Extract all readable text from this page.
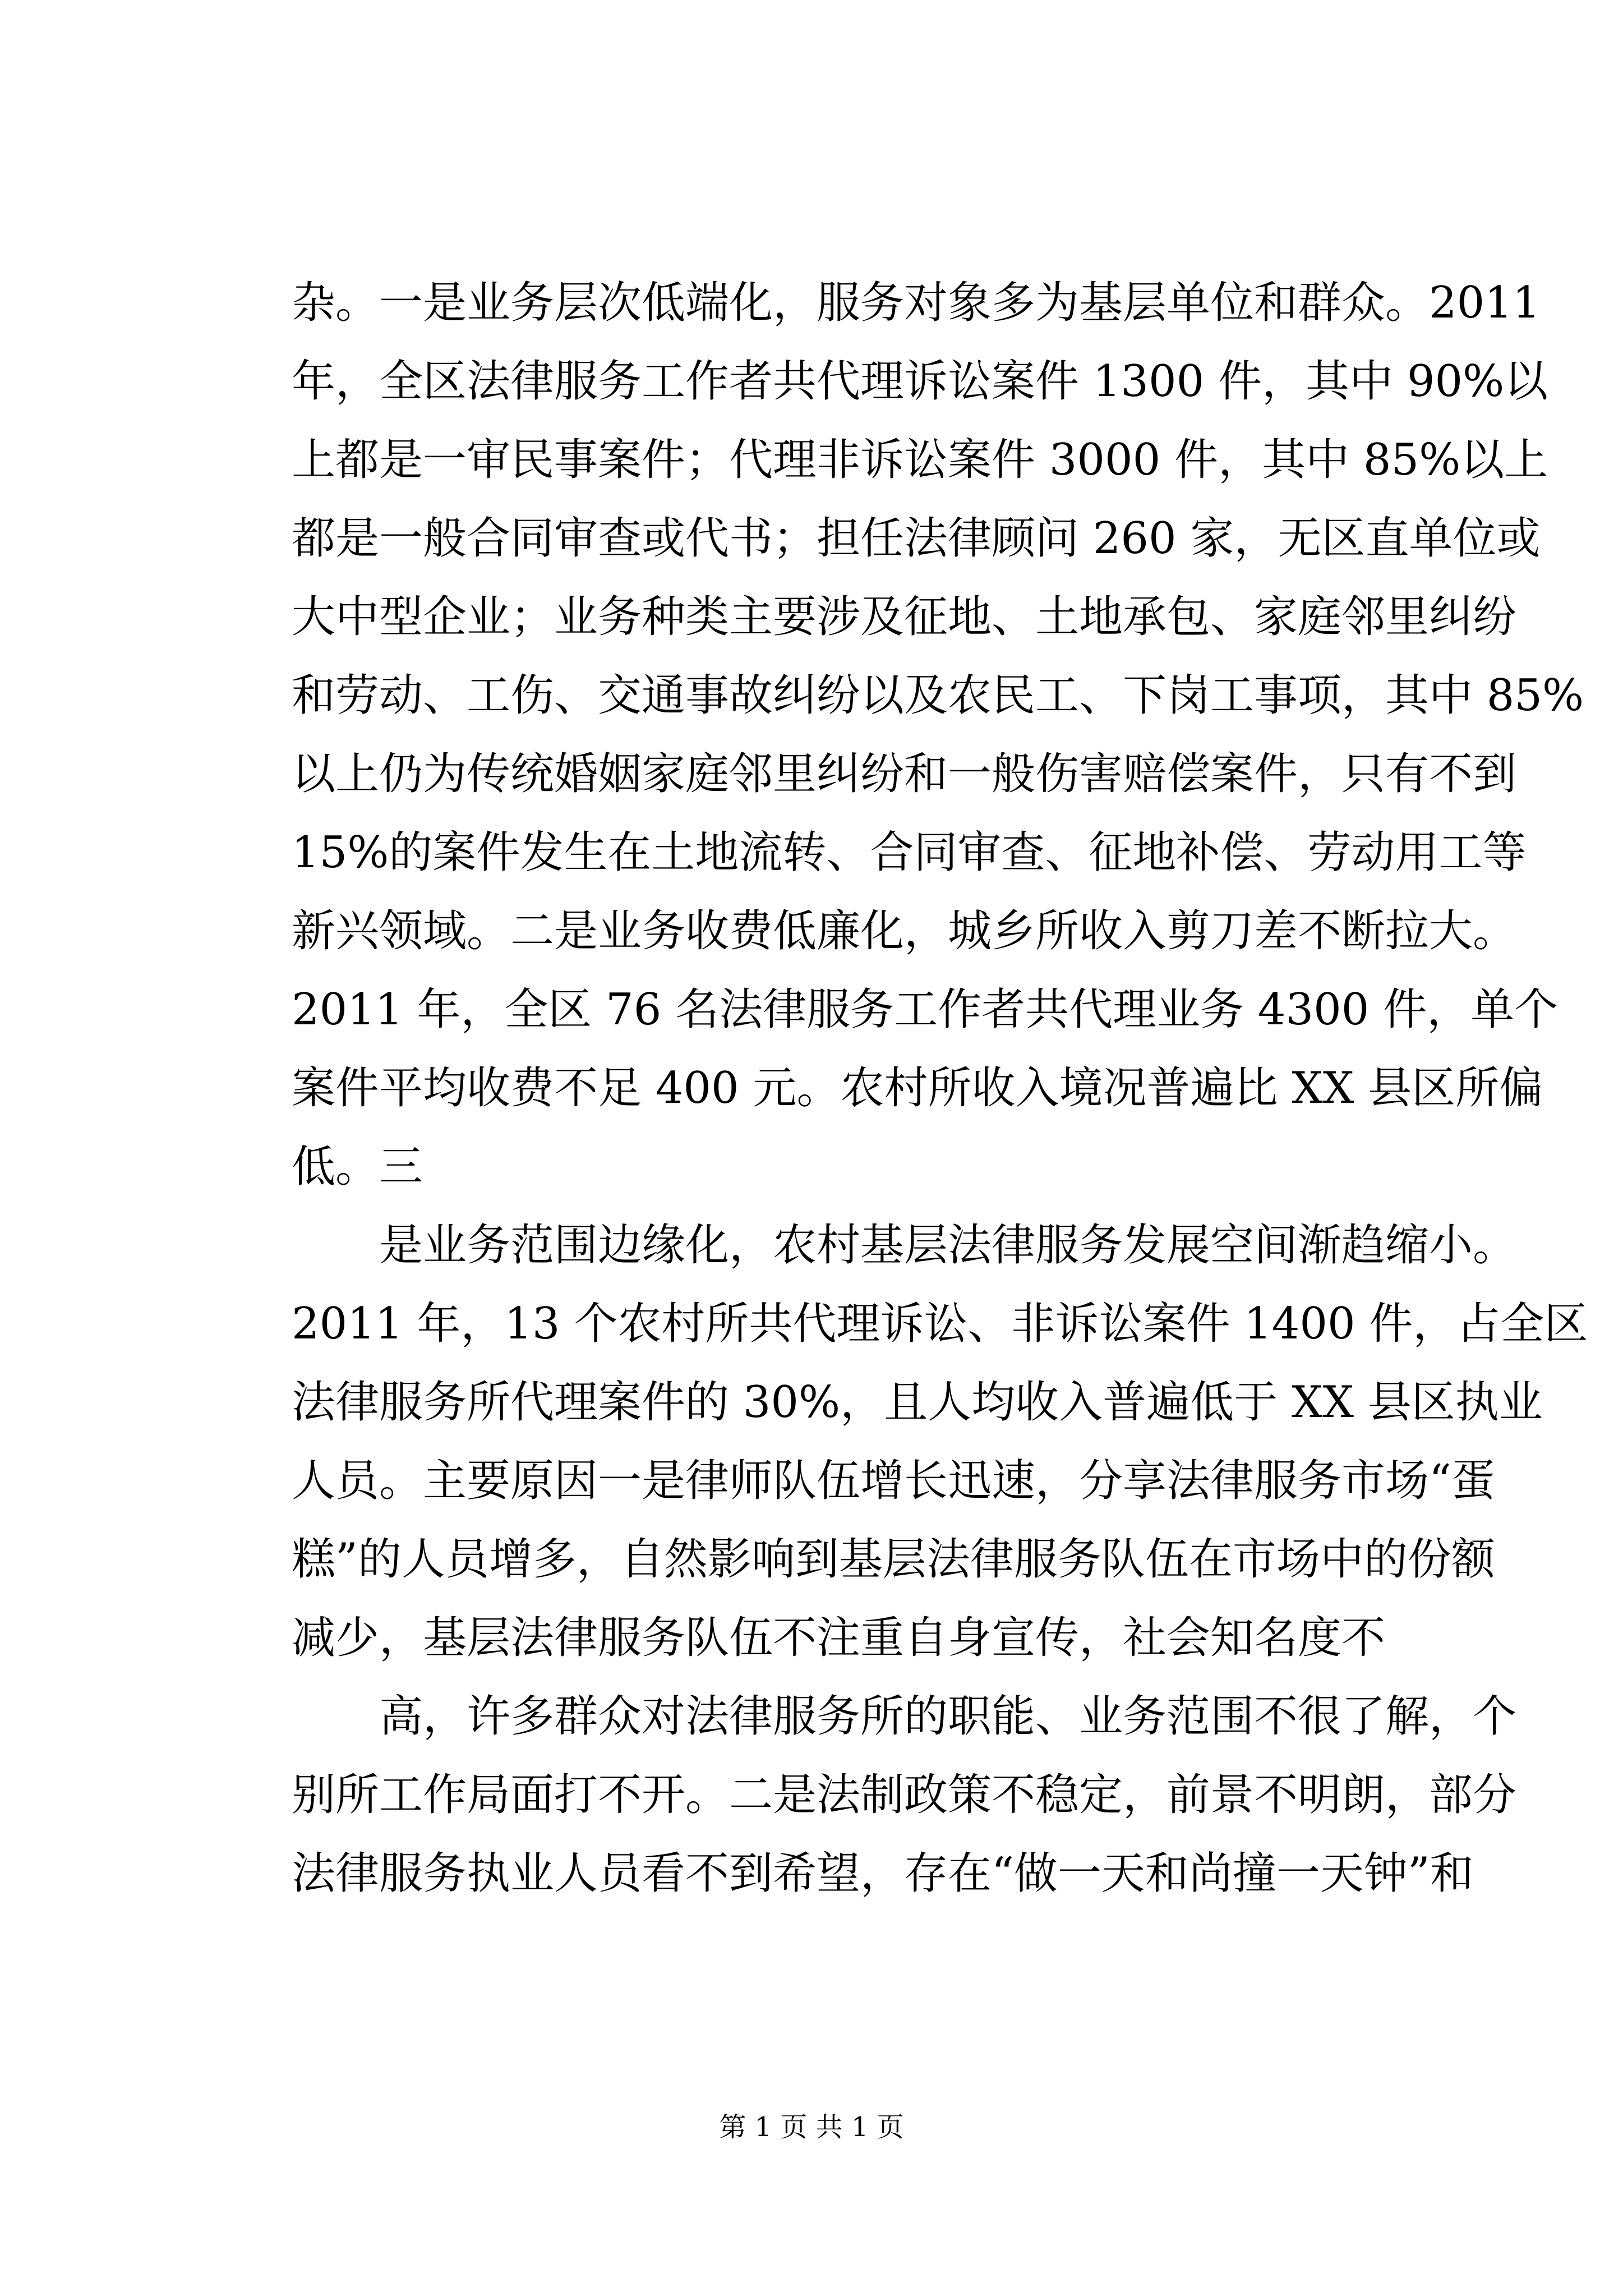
杂。一是业务层次低端化，服务对象多为基层单位和群众。2011
年，全区法律服务工作者共代理诉讼案件 1300 件，其中 90%以
上都是一审民事案件；代理非诉讼案件 3000 件，其中 85%以上
都是一般合同审查或代书；担任法律顾问 260 家，无区直单位或
大中型企业；业务种类主要涉及征地、土地承包、家庭邻里纠纷
和劳动、工伤、交通事故纠纷以及农民工、下岗工事项，其中 85%
以上仍为传统婚姻家庭邻里纠纷和一般伤害赔偿案件，只有不到
15%的案件发生在土地流转、合同审查、征地补偿、劳动用工等
新兴领域。二是业务收费低廉化，城乡所收入剪刀差不断拉大。
2011 年，全区 76 名法律服务工作者共代理业务 4300 件，单个
案件平均收费不足 400 元。农村所收入境况普遍比 XX 县区所偏
低。三
是业务范围边缘化，农村基层法律服务发展空间渐趋缩小。
2011 年，13 个农村所共代理诉讼、非诉讼案件 1400 件，占全区
法律服务所代理案件的 30%，且人均收入普遍低于 XX 县区执业
人员。主要原因一是律师队伍增长迅速，分享法律服务市场“蛋
糕”的人员增多，自然影响到基层法律服务队伍在市场中的份额
减少，基层法律服务队伍不注重自身宣传，社会知名度不
高，许多群众对法律服务所的职能、业务范围不很了解，个
别所工作局面打不开。二是法制政策不稳定，前景不明朗，部分
法律服务执业人员看不到希望，存在“做一天和尚撞一天钟”和
第 1 页 共 1 页
